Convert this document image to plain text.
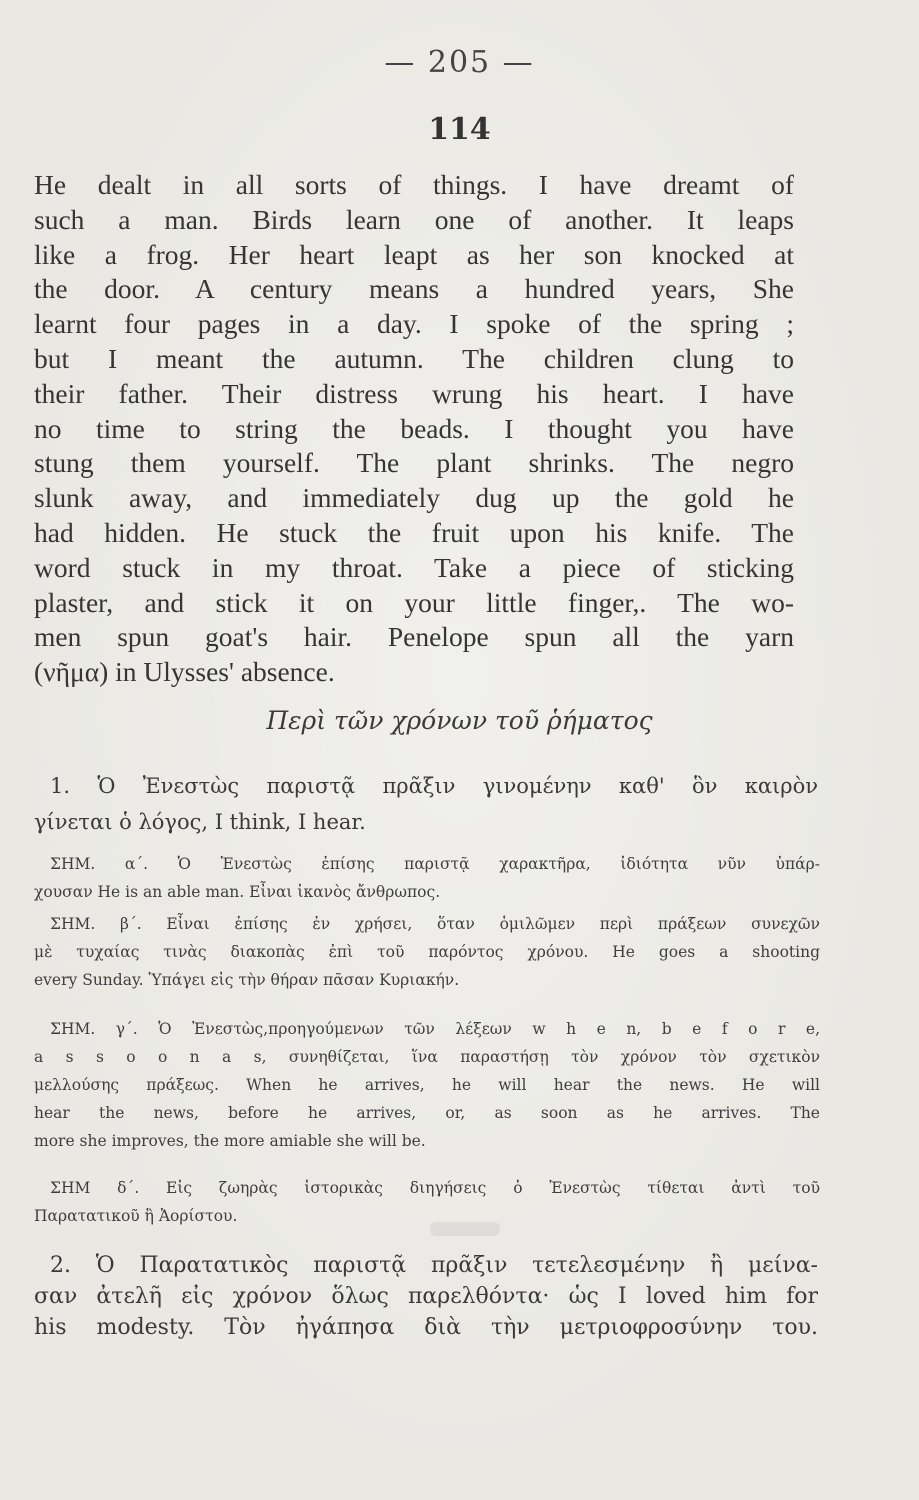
— 205 —
114
He dealt in all sorts of things. I have dreamt of
such a man. Birds learn one of another. It leaps
like a frog. Her heart leapt as her son knocked at
the door. A century means a hundred years, She
learnt four pages in a day. I spoke of the spring ;
but I meant the autumn. The children clung to
their father. Their distress wrung his heart. I have
no time to string the beads. I thought you have
stung them yourself. The plant shrinks. The negro
slunk away, and immediately dug up the gold he
had hidden. He stuck the fruit upon his knife. The
word stuck in my throat. Take a piece of sticking
plaster, and stick it on your little finger,. The wo-
men spun goat's hair. Penelope spun all the yarn
(νῆμα) in Ulysses' absence.
Περὶ τῶν χρόνων τοῦ ῥήματος
1. Ὁ Ἐνεστὼς παριστᾷ πρᾶξιν γινομένην καθ' ὃν καιρὸν
γίνεται ὁ λόγος, I think, I hear.
ΣΗΜ. α΄. Ὁ Ἐνεστὼς ἐπίσης παριστᾷ χαρακτῆρα, ἰδιότητα νῦν ὑπάρ-
χουσαν He is an able man. Εἶναι ἱκανὸς ἄνθρωπος.
ΣΗΜ. β΄. Εἶναι ἐπίσης ἐν χρήσει, ὅταν ὁμιλῶμεν περὶ πράξεων συνεχῶν
μὲ τυχαίας τινὰς διακοπὰς ἐπὶ τοῦ παρόντος χρόνου. He goes a shooting
every Sunday. Ὑπάγει εἰς τὴν θήραν πᾶσαν Κυριακήν.
ΣΗΜ. γ΄. Ὁ Ἐνεστὼς,προηγούμενων τῶν λέξεων w h e n, b e f o r e,
a s s o o n a s, συνηθίζεται, ἵνα παραστήσῃ τὸν χρόνον τὸν σχετικὸν
μελλούσης πράξεως. When he arrives, he will hear the news. He will
hear the news, before he arrives, or, as soon as he arrives. The
more she improves, the more amiable she will be.
ΣΗΜ δ΄. Εἰς ζωηρὰς ἱστορικὰς διηγήσεις ὁ Ἐνεστὼς τίθεται ἀντὶ τοῦ
Παρατατικοῦ ἢ Ἀορίστου.
2. Ὁ Παρατατικὸς παριστᾷ πρᾶξιν τετελεσμένην ἢ μείνα-
σαν ἀτελῆ εἰς χρόνον ὅλως παρελθόντα· ὡς I loved him for
his modesty. Τὸν ἠγάπησα διὰ τὴν μετριοφροσύνην του.
